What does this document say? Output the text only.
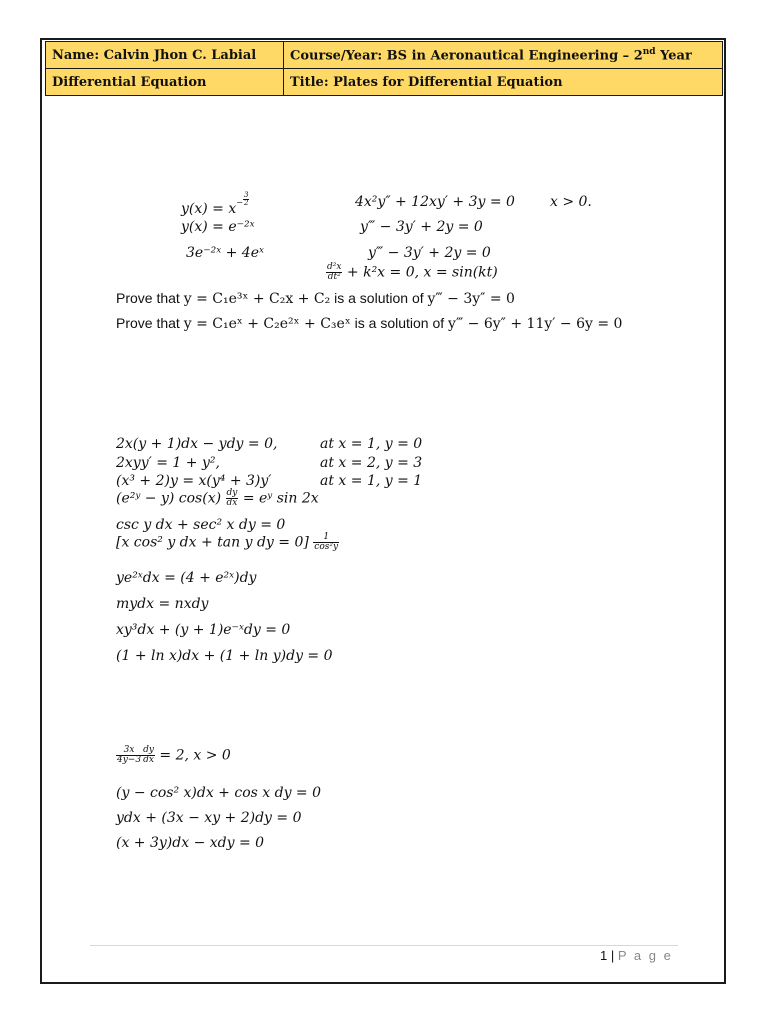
Name: Calvin Jhon C. Labial	Course/Year: BS in Aeronautical Engineering – 2nd Year
Differential Equation	Title: Plates for Differential Equation
$y(x) = x- \frac{3}{2}$	4x²y″ + 12xy′ + 3y = 0	x > 0.
y(x) = e⁻²ˣ	y‴ − 3y′ + 2y = 0
3e⁻²ˣ + 4eˣ	y‴ − 3y′ + 2y = 0
$\frac{\text{d²x}}{\text{dt²}} + k^2x = 0$, x = sin(kt)
Prove that y = C₁e³ˣ + C₂x + C₂ is a solution of y‴ − 3y″ = 0
Prove that y = C₁eˣ + C₂e²ˣ + C₃eˣ is a solution of y‴ − 6y″ + 11y′ − 6y = 0
2x(y + 1)dx − ydy = 0,	at x = 1, y = 0
2xyy′ = 1 + y²,	at x = 2, y = 3
(x³ + 2)y = x(y⁴ + 3)y′	at x = 1, y = 1
(e²ʸ − y) $\cos(x) \frac{dy}{dx}$ = eʸ sin 2x
csc y dx + sec² x dy = 0
[x cos² y dx + tan y dy = $0] \frac{1}{\text{cos²y}}$
ye²ˣdx = (4 + e²ˣ)dy
mydx = nxdy
xy³dx + (y + 1)e⁻ˣdy = 0
(1 + ln x)dx + (1 + ln y)dy = 0
$\frac{3x}{4y-3} \frac{dy}{dx} = 2$, x > 0
(y − cos² x)dx + cos x dy = 0
ydx + (3x − xy + 2)dy = 0
(x + 3y)dx − xdy = 0
1 | P a g e
